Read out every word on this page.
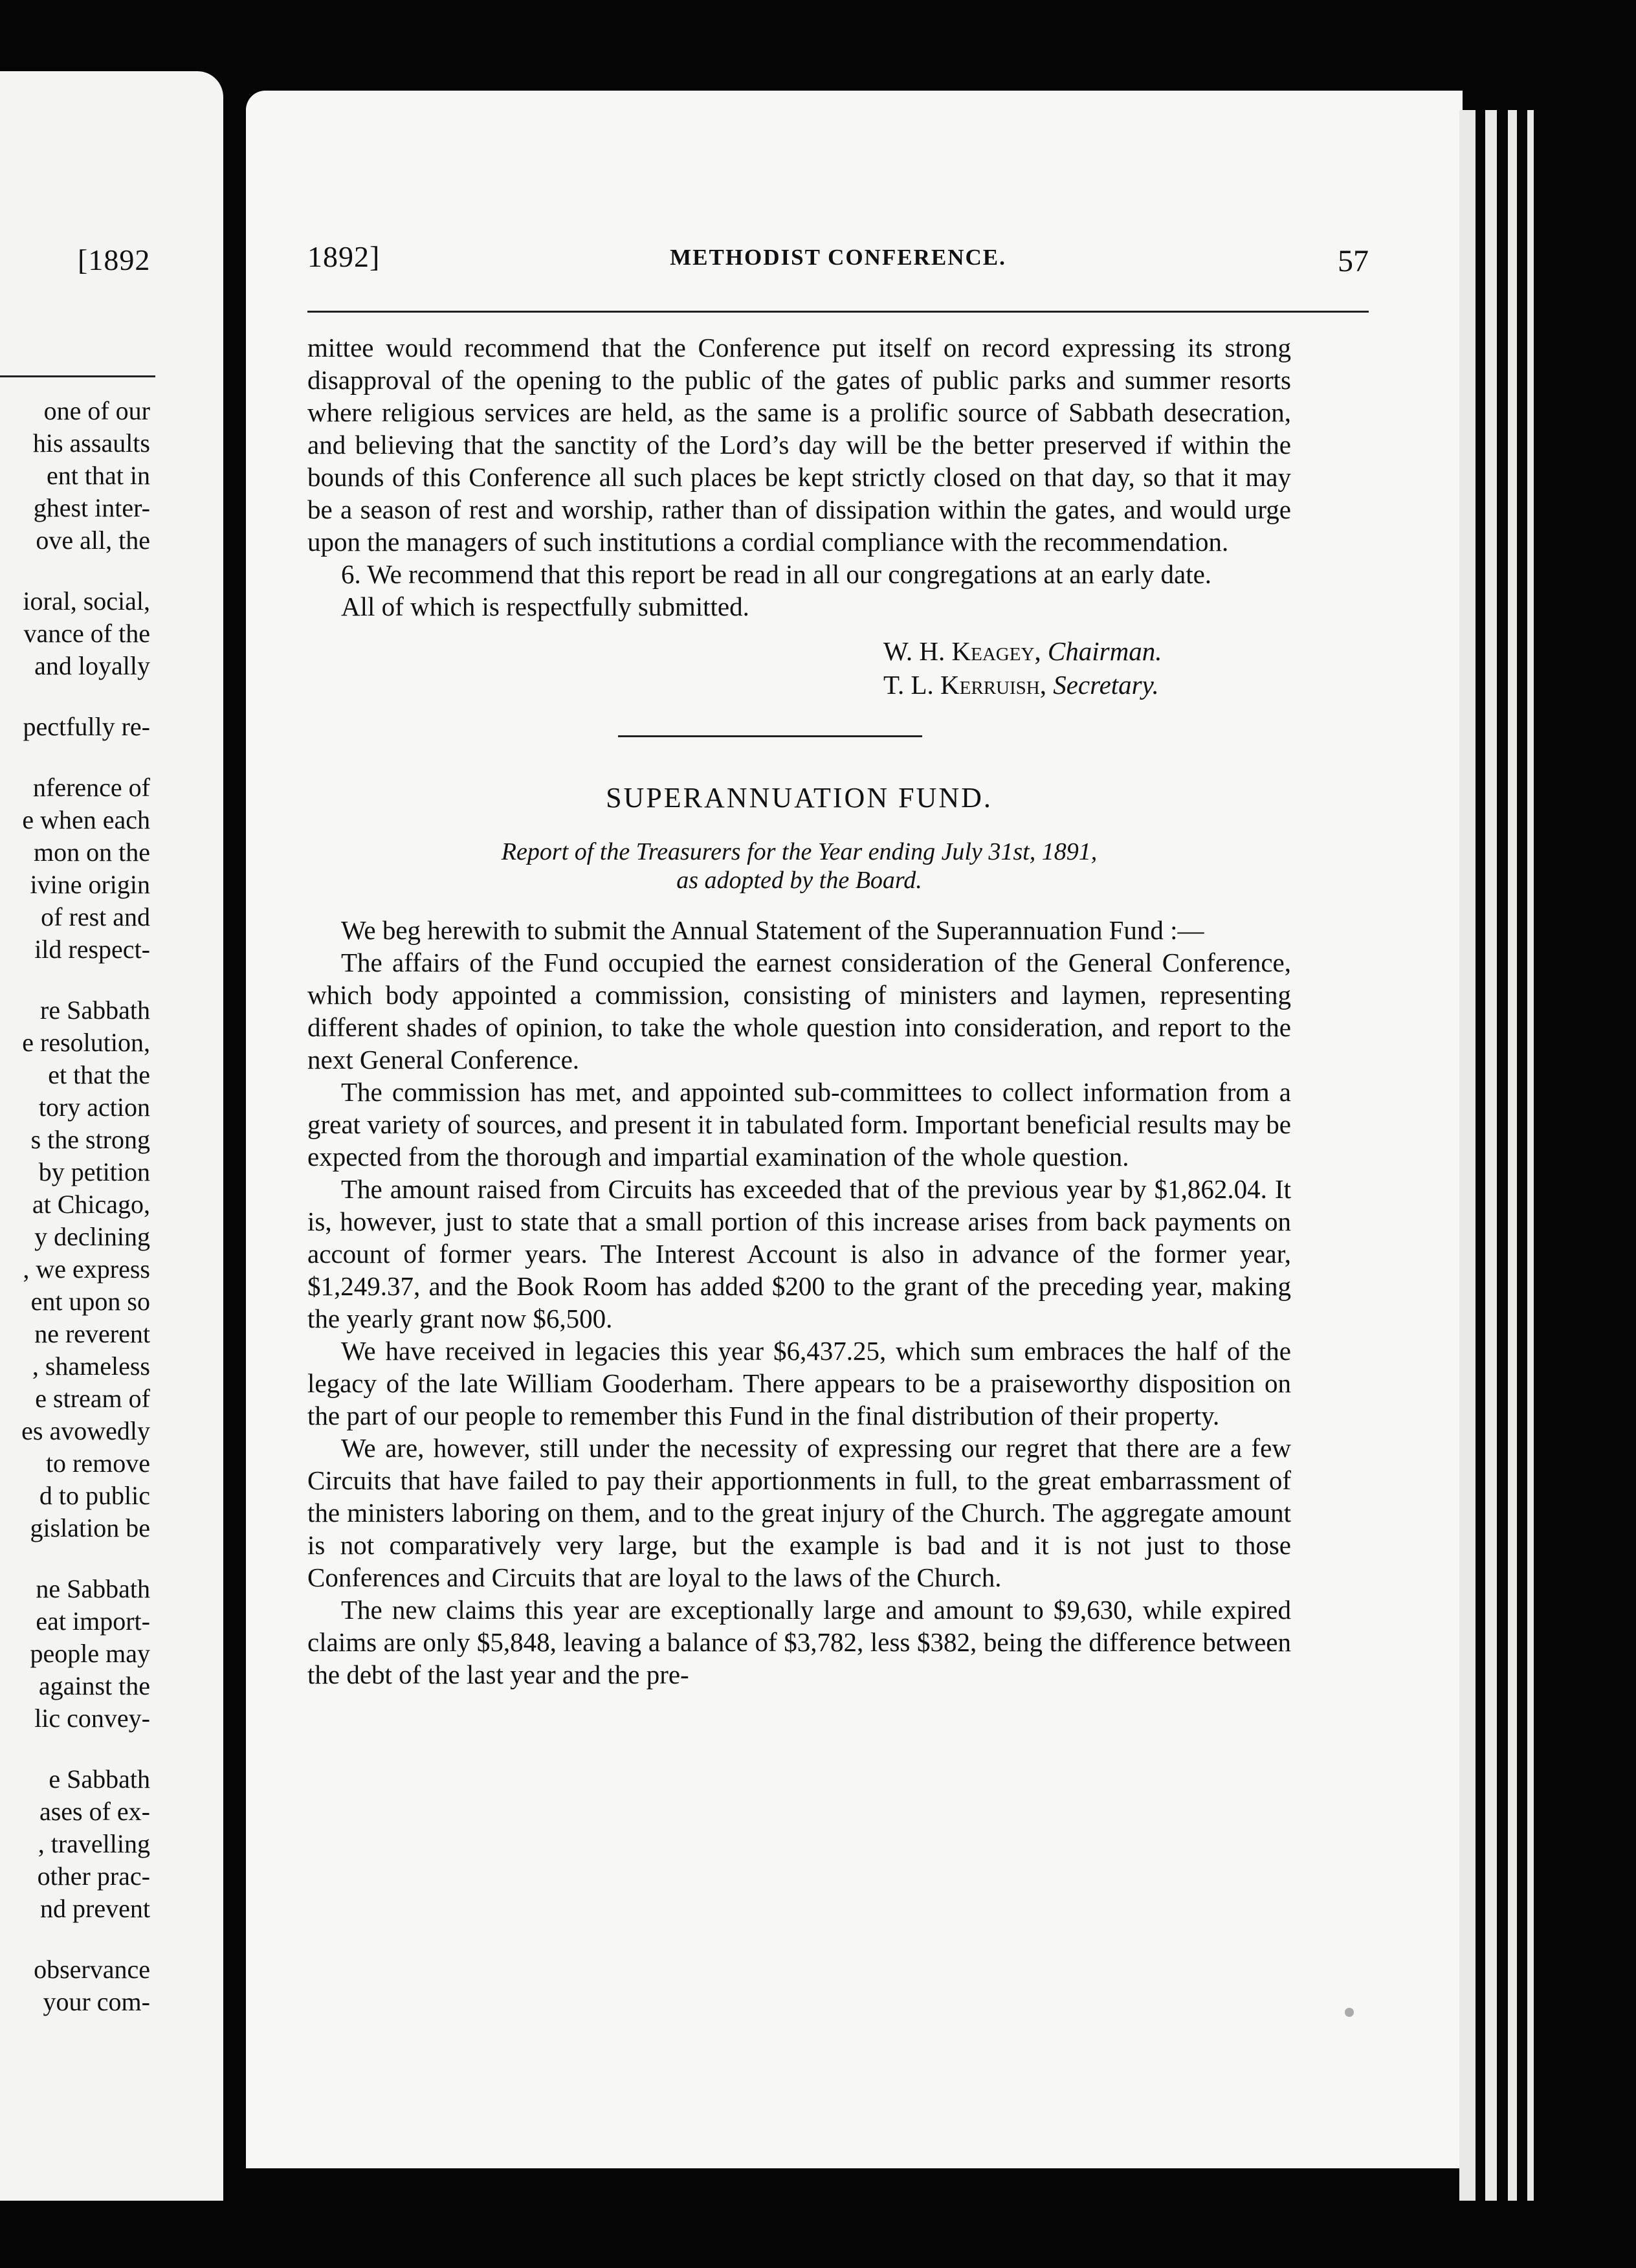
[1892
one of our
his assaults
ent that in
ghest inter-
ove all, the
ioral, social,
vance of the
and loyally
pectfully re-
nference of
e when each
mon on the
ivine origin
of rest and
ild respect-
re Sabbath
e resolution,
et that the
tory action
s the strong
by petition
at Chicago,
y declining
, we express
ent upon so
ne reverent
, shameless
e stream of
es avowedly
to remove
d to public
gislation be
ne Sabbath
eat import-
people may
against the
lic convey-
e Sabbath
ases of ex-
, travelling
other prac-
nd prevent
observance
your com-
1892]	METHODIST CONFERENCE.	57

mittee would recommend that the Conference put itself on record expressing its strong disapproval of the opening to the public of the gates of public parks and summer resorts where religious services are held, as the same is a prolific source of Sabbath desecration, and believing that the sanctity of the Lord’s day will be the better preserved if within the bounds of this Conference all such places be kept strictly closed on that day, so that it may be a season of rest and worship, rather than of dissipation within the gates, and would urge upon the managers of such institutions a cordial compliance with the recommendation.

6. We recommend that this report be read in all our congregations at an early date.

All of which is respectfully submitted.

W. H. Keagey, Chairman.
T. L. Kerruish, Secretary.
SUPERANNUATION FUND.
Report of the Treasurers for the Year ending July 31st, 1891,
as adopted by the Board.

We beg herewith to submit the Annual Statement of the Superannuation Fund :—

The affairs of the Fund occupied the earnest consideration of the General Conference, which body appointed a commission, consisting of ministers and laymen, representing different shades of opinion, to take the whole question into consideration, and report to the next General Conference.

The commission has met, and appointed sub-committees to collect information from a great variety of sources, and present it in tabulated form. Important beneficial results may be expected from the thorough and impartial examination of the whole question.

The amount raised from Circuits has exceeded that of the previous year by $1,862.04. It is, however, just to state that a small portion of this increase arises from back payments on account of former years. The Interest Account is also in advance of the former year, $1,249.37, and the Book Room has added $200 to the grant of the preceding year, making the yearly grant now $6,500.

We have received in legacies this year $6,437.25, which sum embraces the half of the legacy of the late William Gooderham. There appears to be a praiseworthy disposition on the part of our people to remember this Fund in the final distribution of their property.

We are, however, still under the necessity of expressing our regret that there are a few Circuits that have failed to pay their apportionments in full, to the great embarrassment of the ministers laboring on them, and to the great injury of the Church. The aggregate amount is not comparatively very large, but the example is bad and it is not just to those Conferences and Circuits that are loyal to the laws of the Church.

The new claims this year are exceptionally large and amount to $9,630, while expired claims are only $5,848, leaving a balance of $3,782, less $382, being the difference between the debt of the last year and the pre-
